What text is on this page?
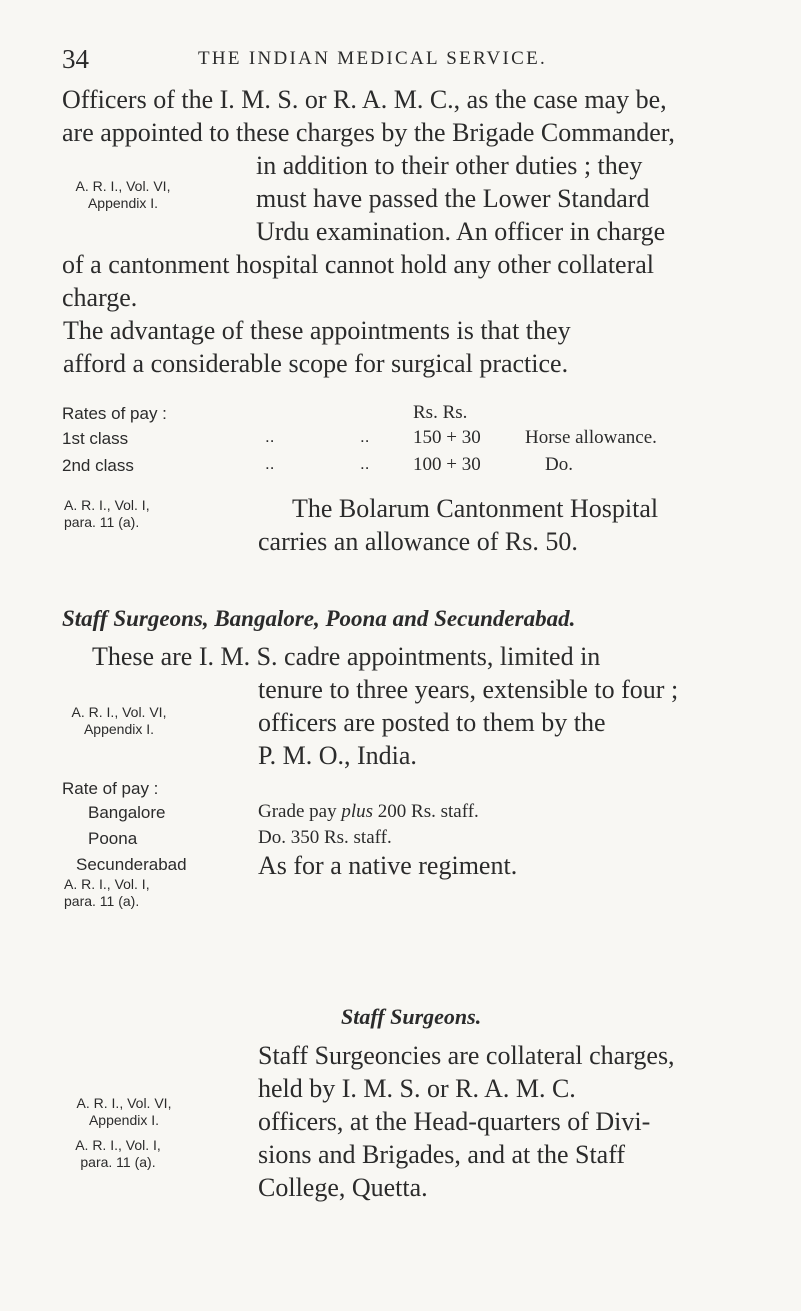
34	THE INDIAN MEDICAL SERVICE.
Officers of the I. M. S. or R. A. M. C., as the case may be,
are appointed to these charges by the Brigade Commander,
in addition to their other duties ; they
must have passed the Lower Standard
Urdu examination. An officer in charge
of a cantonment hospital cannot hold any other collateral
charge.
The advantage of these appointments is that they
afford a considerable scope for surgical practice.
A. R. I., Vol. VI,
Appendix I.
Rates of pay :	Rs. Rs.
1st class	..	.. 150 + 30 Horse allowance.
2nd class	..	.. 100 + 30	Do.
A. R. I., Vol. I,
para. 11 (a).	The Bolarum Cantonment Hospital
carries an allowance of Rs. 50.
Staff Surgeons, Bangalore, Poona and Secunderabad.
These are I. M. S. cadre appointments, limited in
tenure to three years, extensible to four ;
officers are posted to them by the
P. M. O., India.
A. R. I., Vol. VI,
Appendix I.
Rate of pay :
Bangalore	Grade pay plus 200 Rs. staff.
Poona	Do. 350 Rs. staff.
Secunderabad	As for a native regiment.
A. R. I., Vol. I,
para. 11 (a).
Staff Surgeons.
Staff Surgeoncies are collateral charges,
held by I. M. S. or R. A. M. C.
officers, at the Head-quarters of Divi-
sions and Brigades, and at the Staff
College, Quetta.
A. R. I., Vol. VI,
Appendix I.
A. R. I., Vol. I,
para. 11 (a).
